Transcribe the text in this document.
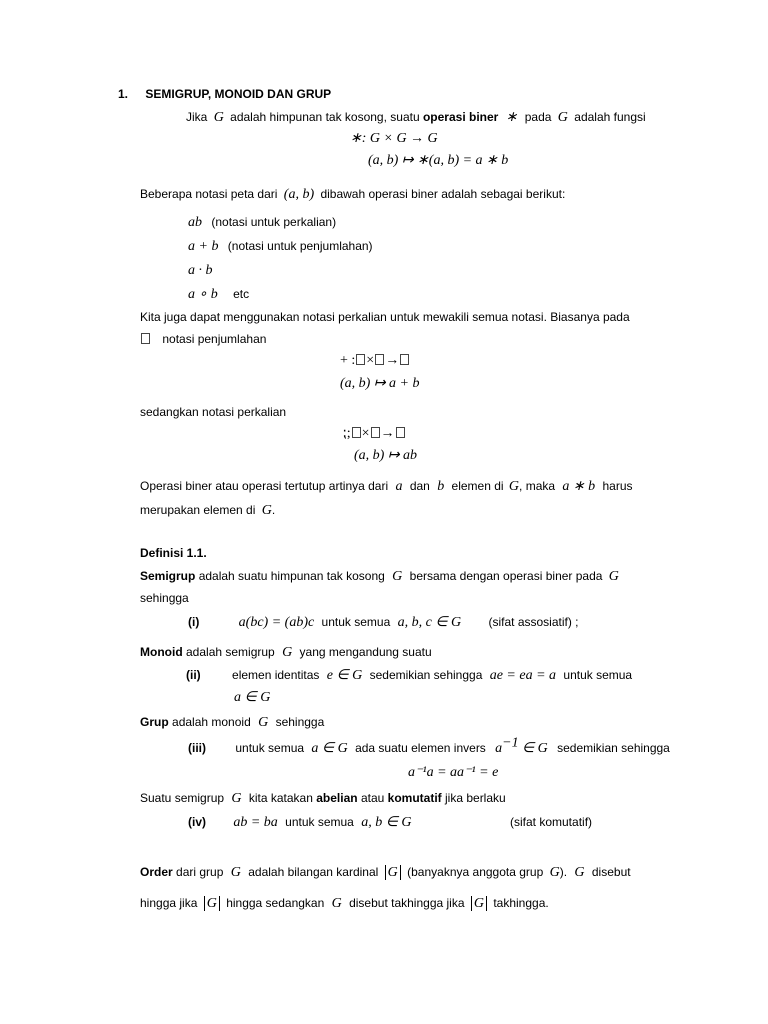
1. SEMIGRUP, MONOID DAN GRUP
Jika G adalah himpunan tak kosong, suatu operasi biner ∗ pada G adalah fungsi
∗: G × G → G
(a, b) ↦ ∗(a, b) = a ∗ b
Beberapa notasi peta dari (a, b) dibawah operasi biner adalah sebagai berikut:
ab (notasi untuk perkalian)
a + b (notasi untuk penjumlahan)
a · b
a ∘ b etc
Kita juga dapat menggunakan notasi perkalian untuk mewakili semua notasi. Biasanya pada
notasi penjumlahan
+ : × →
(a, b) ↦ a + b
sedangkan notasi perkalian
⁏; × →
(a, b) ↦ ab
Operasi biner atau operasi tertutup artinya dari a dan b elemen di G, maka a ∗ b harus
merupakan elemen di G.
Definisi 1.1.
Semigrup adalah suatu himpunan tak kosong G bersama dengan operasi biner pada G
sehingga
(i)	a(bc) = (ab)c untuk semua a, b, c ∈ G (sifat assosiatif) ;
Monoid adalah semigrup G yang mengandung suatu
(ii)	elemen identitas e ∈ G sedemikian sehingga ae = ea = a untuk semua
a ∈ G
Grup adalah monoid G sehingga
(iii) untuk semua a ∈ G ada suatu elemen invers $a^{-1}$ ∈ G sedemikian sehingga
a⁻¹a = aa⁻¹ = e
Suatu semigrup G kita katakan abelian atau komutatif jika berlaku
(iv) ab = ba untuk semua a, b ∈ G	(sifat komutatif)
Order dari grup G adalah bilangan kardinal G (banyaknya anggota grup G). G disebut
hingga jika G hingga sedangkan G disebut takhingga jika G takhingga.
